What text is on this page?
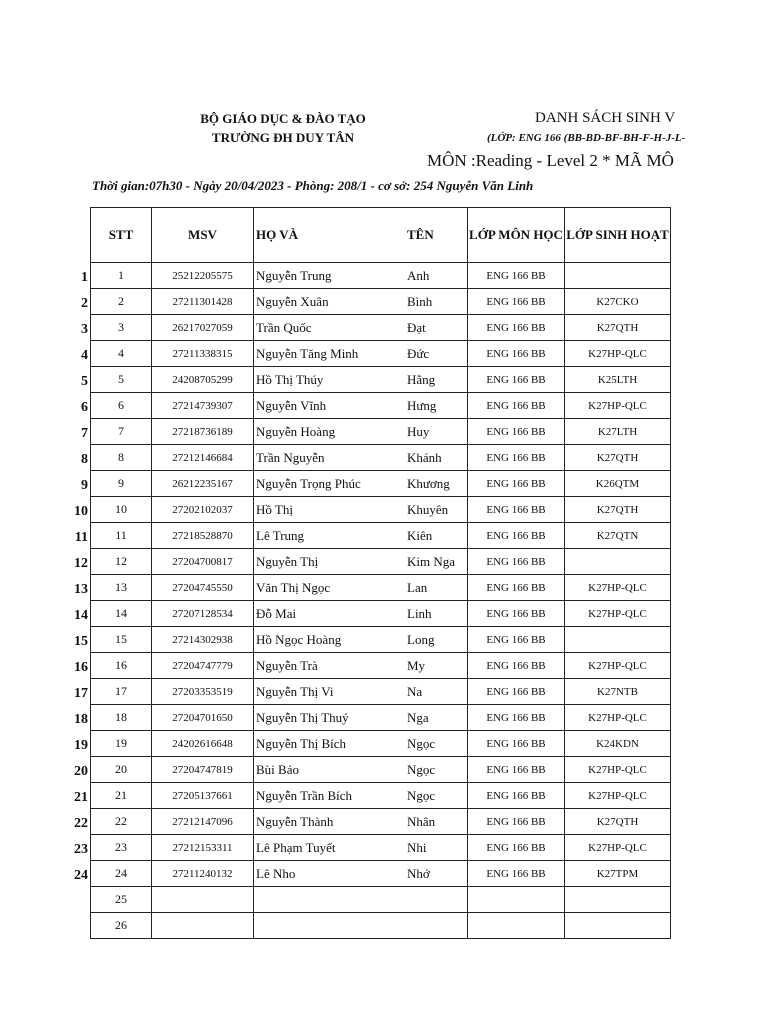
BỘ GIÁO DỤC & ĐÀO TẠO
TRƯỜNG ĐH DUY TÂN
DANH SÁCH SINH V
(LỚP: ENG 166 (BB-BD-BF-BH-F-H-J-L-
MÔN :Reading - Level 2 * MÃ MÔ
Thời gian:07h30 - Ngày 20/04/2023 - Phòng: 208/1 - cơ sở: 254 Nguyễn Văn Linh
1
2
3
4
5
6
7
8
9
10
11
12
13
14
15
16
17
18
19
20
21
22
23
24
STT	MSV	HỌ VÀ	TÊN	LỚP MÔN HỌC	LỚP SINH HOẠT
1	25212205575	Nguyễn Trung	Anh	ENG 166 BB	
2	27211301428	Nguyễn Xuân	Bình	ENG 166 BB	K27CKO
3	26217027059	Trần Quốc	Đạt	ENG 166 BB	K27QTH
4	27211338315	Nguyễn Tăng Minh	Đức	ENG 166 BB	K27HP-QLC
5	24208705299	Hồ Thị Thúy	Hằng	ENG 166 BB	K25LTH
6	27214739307	Nguyễn Vĩnh	Hưng	ENG 166 BB	K27HP-QLC
7	27218736189	Nguyễn Hoàng	Huy	ENG 166 BB	K27LTH
8	27212146684	Trần Nguyễn	Khánh	ENG 166 BB	K27QTH
9	26212235167	Nguyễn Trọng Phúc	Khương	ENG 166 BB	K26QTM
10	27202102037	Hồ Thị	Khuyên	ENG 166 BB	K27QTH
11	27218528870	Lê Trung	Kiên	ENG 166 BB	K27QTN
12	27204700817	Nguyễn Thị	Kim Nga	ENG 166 BB	
13	27204745550	Văn Thị Ngọc	Lan	ENG 166 BB	K27HP-QLC
14	27207128534	Đỗ Mai	Linh	ENG 166 BB	K27HP-QLC
15	27214302938	Hồ Ngọc Hoàng	Long	ENG 166 BB	
16	27204747779	Nguyễn Trà	My	ENG 166 BB	K27HP-QLC
17	27203353519	Nguyễn Thị Vi	Na	ENG 166 BB	K27NTB
18	27204701650	Nguyễn Thị Thuý	Nga	ENG 166 BB	K27HP-QLC
19	24202616648	Nguyễn Thị Bích	Ngọc	ENG 166 BB	K24KDN
20	27204747819	Bùi Bảo	Ngọc	ENG 166 BB	K27HP-QLC
21	27205137661	Nguyễn Trần Bích	Ngọc	ENG 166 BB	K27HP-QLC
22	27212147096	Nguyễn Thành	Nhân	ENG 166 BB	K27QTH
23	27212153311	Lê Phạm Tuyết	Nhi	ENG 166 BB	K27HP-QLC
24	27211240132	Lê Nho	Nhớ	ENG 166 BB	K27TPM
25					
26					
